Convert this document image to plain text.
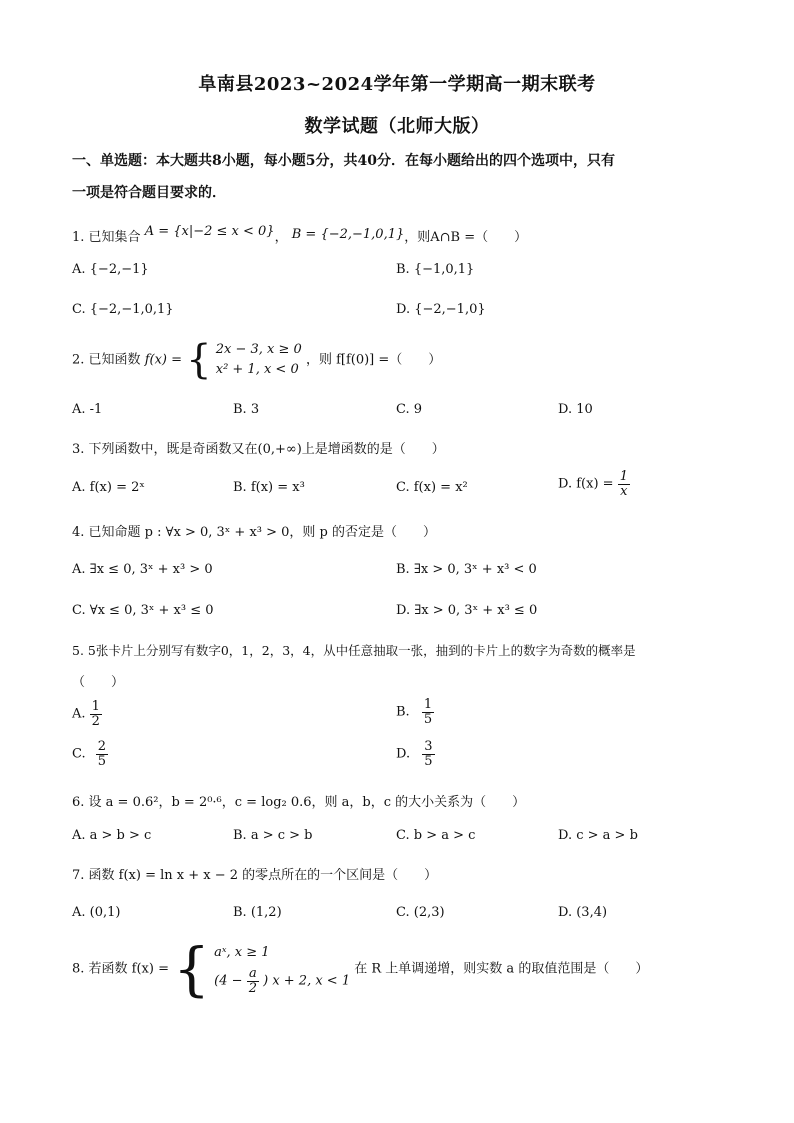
阜南县2023~2024学年第一学期高一期末联考
数学试题（北师大版）
一、单选题：本大题共8小题，每小题5分，共40分．在每小题给出的四个选项中，只有
一项是符合题目要求的．
1. 已知集合 A = {x|−2 ≤ x < 0}， B = {−2,−1,0,1}，则A∩B =（　　）
A. {−2,−1}	B. {−1,0,1}
C. {−2,−1,0,1}	D. {−2,−1,0}
2. 已知函数 f(x) = { 2x − 3, x ≥ 0
x² + 1, x < 0
，则 f[f(0)] =（　　）
A. -1	B. 3	C. 9	D. 10
3. 下列函数中，既是奇函数又在(0,+∞)上是增函数的是（　　）
A. f(x) = 2ˣ	B. f(x) = x³	C. f(x) = x²	D. $f(x) = \frac{1}{x}$
4. 已知命题 p : ∀x > 0, 3ˣ + x³ > 0，则 p 的否定是（　　）
A. ∃x ≤ 0, 3ˣ + x³ > 0	B. ∃x > 0, 3ˣ + x³ < 0
C. ∀x ≤ 0, 3ˣ + x³ ≤ 0	D. ∃x > 0, 3ˣ + x³ ≤ 0
5. 5张卡片上分别写有数字0，1，2，3，4，从中任意抽取一张，抽到的卡片上的数字为奇数的概率是
（　　）
A. $\frac{1}{2}$	B. $\frac{1}{5}$
C. $\frac{2}{5}$	D. $\frac{3}{5}$
6. 设 a = 0.6²，b = 2⁰·⁶，c = log₂ 0.6，则 a，b，c 的大小关系为（　　）
A. a > b > c	B. a > c > b	C. b > a > c	D. c > a > b
7. 函数 f(x) = ln x + x − 2 的零点所在的一个区间是（　　）
A. (0,1)	B. (1,2)	C. (2,3)	D. (3,4)
8. 若函数 f(x) = { aˣ, x ≥ 1
($4 - \frac{a}{2}$ ) x + 2, x < 1
在 R 上单调递增，则实数 a 的取值范围是（　　）
